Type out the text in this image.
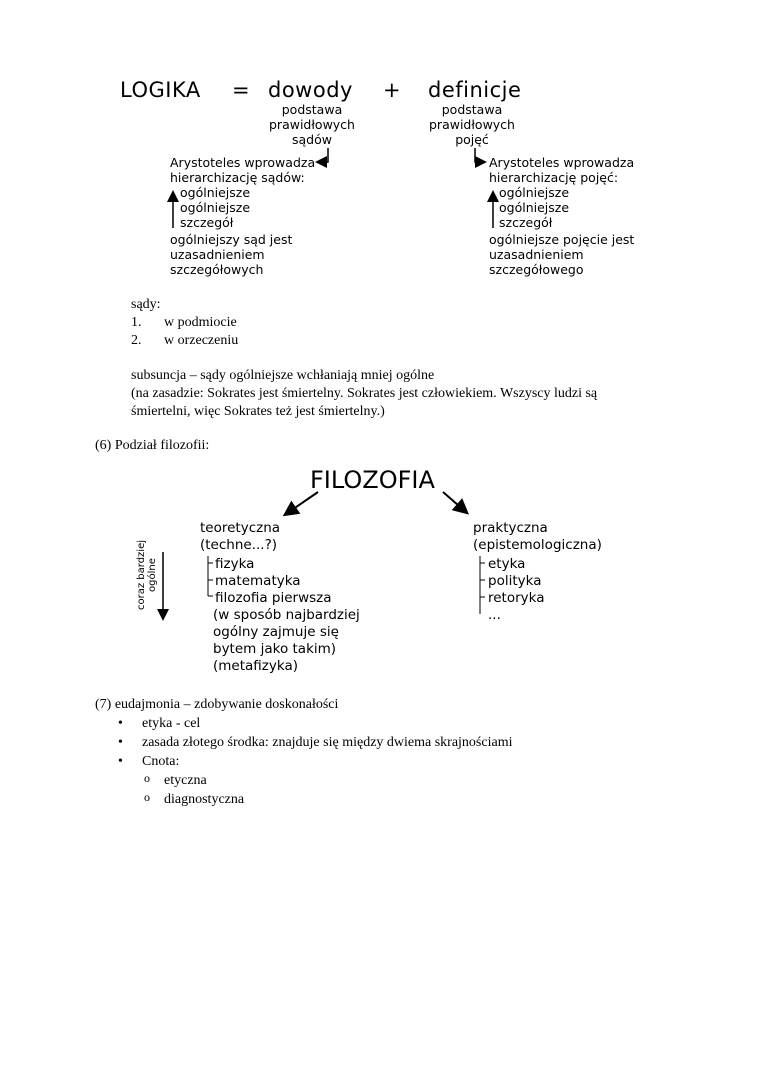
LOGIKA = dowody + definicje
podstawa
prawidłowych
sądów
podstawa
prawidłowych
pojęć
Arystoteles wprowadza
hierarchizację sądów:
ogólniejsze
ogólniejsze
szczegół
ogólniejszy sąd jest
uzasadnieniem
szczegółowych
Arystoteles wprowadza
hierarchizację pojęć:
ogólniejsze
ogólniejsze
szczegół
ogólniejsze pojęcie jest
uzasadnieniem
szczegółowego
sądy:
1. w podmiocie
2. w orzeczeniu
subsuncja – sądy ogólniejsze wchłaniają mniej ogólne
(na zasadzie: Sokrates jest śmiertelny. Sokrates jest człowiekiem. Wszyscy ludzi są
śmiertelni, więc Sokrates też jest śmiertelny.)
(6) Podział filozofii:
FILOZOFIA
teoretyczna
(techne...?)
fizyka
matematyka
filozofia pierwsza
(w sposób najbardziej
ogólny zajmuje się
bytem jako takim)
(metafizyka)
coraz bardziej ogólne
praktyczna
(epistemologiczna)
etyka
polityka
retoryka
...
(7) eudajmonia – zdobywanie doskonałości
• etyka - cel
• zasada złotego środka: znajduje się między dwiema skrajnościami
• Cnota:
o etyczna
o diagnostyczna
